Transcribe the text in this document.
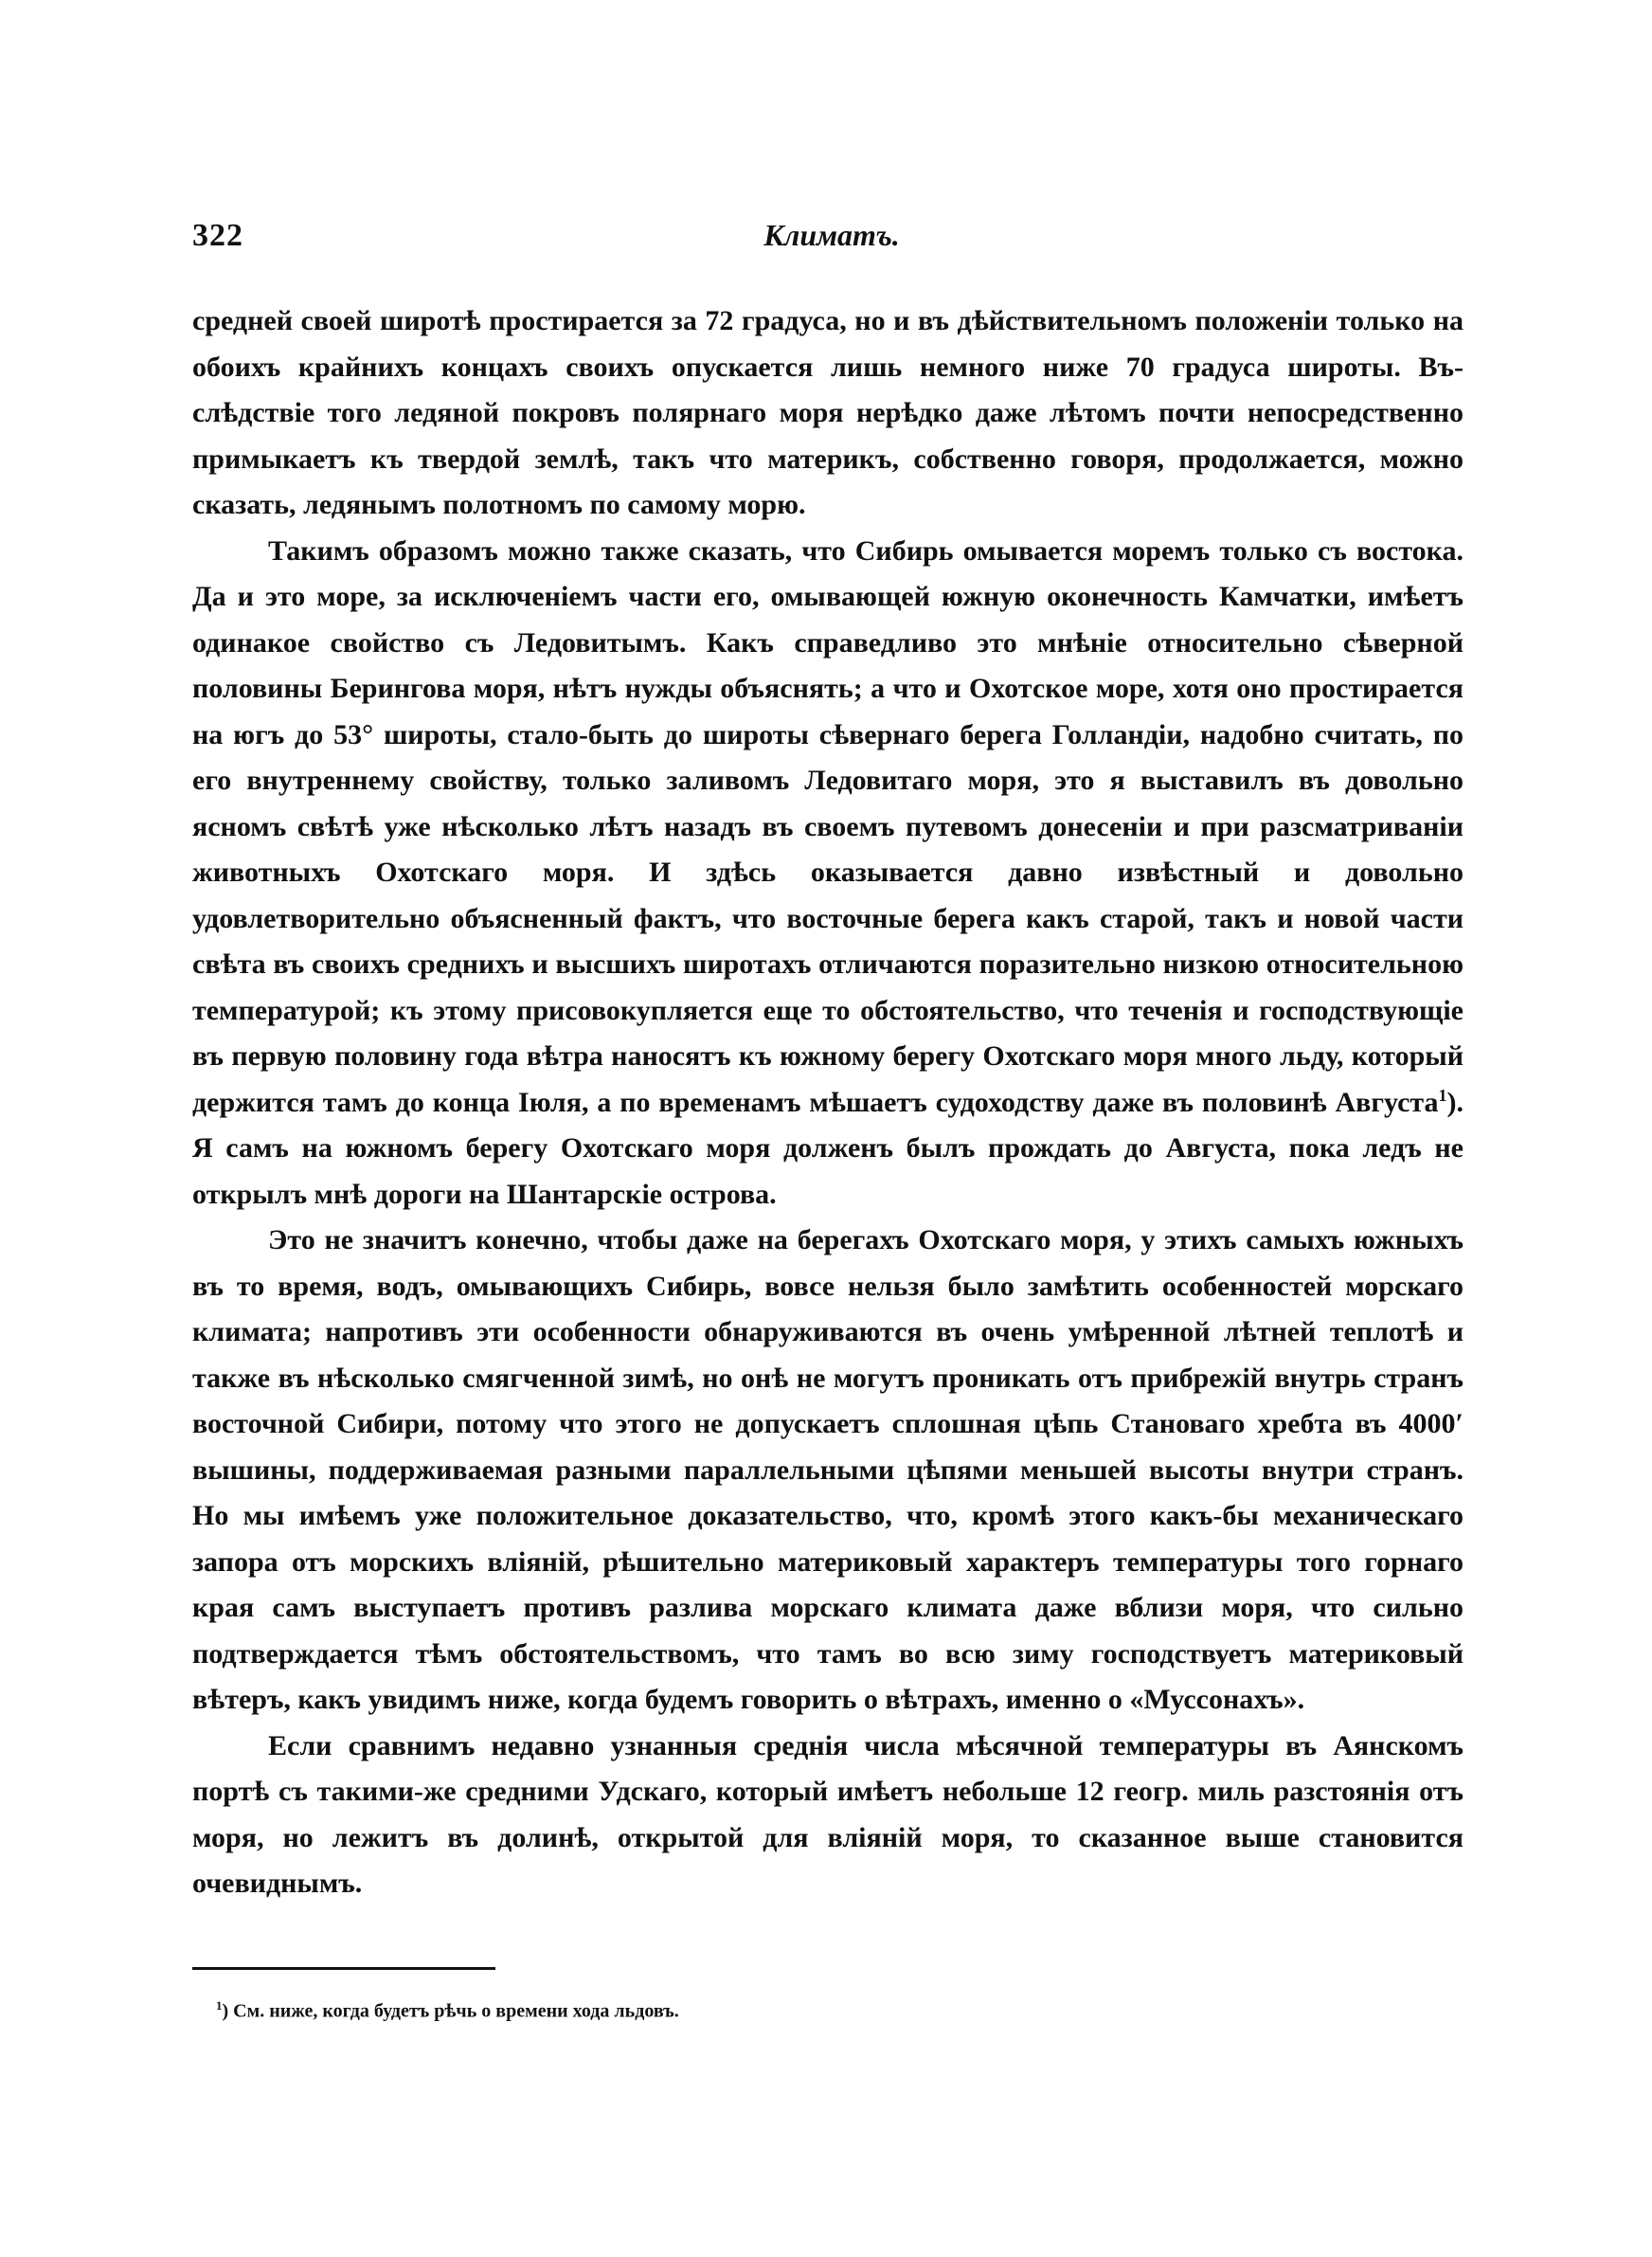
322	Климатъ.

средней своей широтѣ простирается за 72 градуса, но и въ дѣйствительномъ положенiи только на обоихъ крайнихъ концахъ своихъ опускается лишь немного ниже 70 градуса широты. Въ-слѣдствiе того ледяной покровъ полярнаго моря нерѣдко даже лѣтомъ почти непосредственно примыкаетъ къ твердой землѣ, такъ что материкъ, собственно говоря, продолжается, можно сказать, ледянымъ полотномъ по самому морю.

Такимъ образомъ можно также сказать, что Сибирь омывается моремъ только съ востока. Да и это море, за исключенiемъ части его, омывающей южную оконечность Камчатки, имѣетъ одинакое свойство съ Ледовитымъ. Какъ справедливо это мнѣнiе относительно сѣверной половины Берингова моря, нѣтъ нужды объяснять; а что и Охотское море, хотя оно простирается на югъ до 53° широты, стало-быть до широты сѣвернаго берега Голландiи, надобно считать, по его внутреннему свойству, только заливомъ Ледовитаго моря, это я выставилъ въ довольно ясномъ свѣтѣ уже нѣсколько лѣтъ назадъ въ своемъ путевомъ донесенiи и при разсматриванiи животныхъ Охотскаго моря. И здѣсь оказывается давно извѣстный и довольно удовлетворительно объясненный фактъ, что восточные берега какъ старой, такъ и новой части свѣта въ своихъ среднихъ и высшихъ широтахъ отличаются поразительно низкою относительною температурой; къ этому присовокупляется еще то обстоятельство, что теченiя и господствующiе въ первую половину года вѣтра наносятъ къ южному берегу Охотскаго моря много льду, который держится тамъ до конца Iюля, а по временамъ мѣшаетъ судоходству даже въ половинѣ Августа$^1$). Я самъ на южномъ берегу Охотскаго моря долженъ былъ прождать до Августа, пока ледъ не открылъ мнѣ дороги на Шантарскiе острова.

Это не значитъ конечно, чтобы даже на берегахъ Охотскаго моря, у этихъ самыхъ южныхъ въ то время, водъ, омывающихъ Сибирь, вовсе нельзя было замѣтить особенностей морскаго климата; напротивъ эти особенности обнаруживаются въ очень умѣренной лѣтней теплотѣ и также въ нѣсколько смягченной зимѣ, но онѣ не могутъ проникать отъ прибрежiй внутрь странъ восточной Сибири, потому что этого не допускаетъ сплошная цѣпь Становаго хребта въ 4000′ вышины, поддерживаемая разными параллельными цѣпями меньшей высоты внутри странъ. Но мы имѣемъ уже положительное доказательство, что, кромѣ этого какъ-бы механическаго запора отъ морскихъ влiянiй, рѣшительно материковый характеръ температуры того горнаго края самъ выступаетъ противъ разлива морскаго климата даже вблизи моря, что сильно подтверждается тѣмъ обстоятельствомъ, что тамъ во всю зиму господствуетъ материковый вѣтеръ, какъ увидимъ ниже, когда будемъ говорить о вѣтрахъ, именно о «Муссонахъ».

Если сравнимъ недавно узнанныя среднiя числа мѣсячной температуры въ Аянскомъ портѣ съ такими-же средними Удскаго, который имѣетъ небольше 12 геогр. миль разстоянiя отъ моря, но лежитъ въ долинѣ, открытой для влiянiй моря, то сказанное выше становится очевиднымъ.

$^1$) См. ниже, когда будетъ рѣчь о времени хода льдовъ.
